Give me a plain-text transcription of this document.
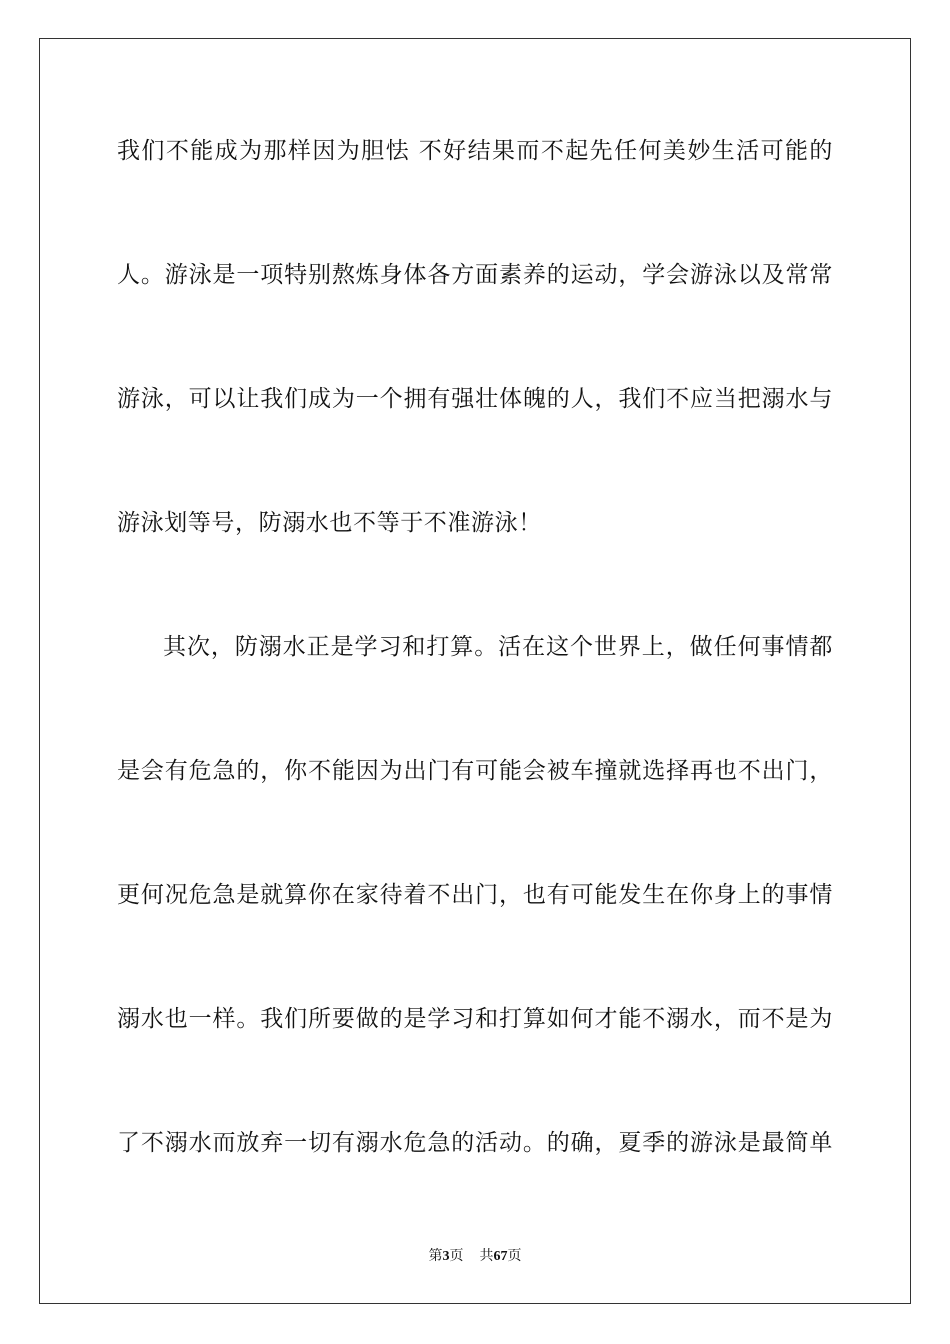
我们不能成为那样因为胆怯 不好结果而不起先任何美妙生活可能的
人。游泳是一项特别熬炼身体各方面素养的运动，学会游泳以及常常
游泳，可以让我们成为一个拥有强壮体魄的人，我们不应当把溺水与
游泳划等号，防溺水也不等于不准游泳！
其次，防溺水正是学习和打算。活在这个世界上，做任何事情都
是会有危急的，你不能因为出门有可能会被车撞就选择再也不出门，
更何况危急是就算你在家待着不出门，也有可能发生在你身上的事情
溺水也一样。我们所要做的是学习和打算如何才能不溺水，而不是为
了不溺水而放弃一切有溺水危急的活动。的确，夏季的游泳是最简单
第3页 共67页
